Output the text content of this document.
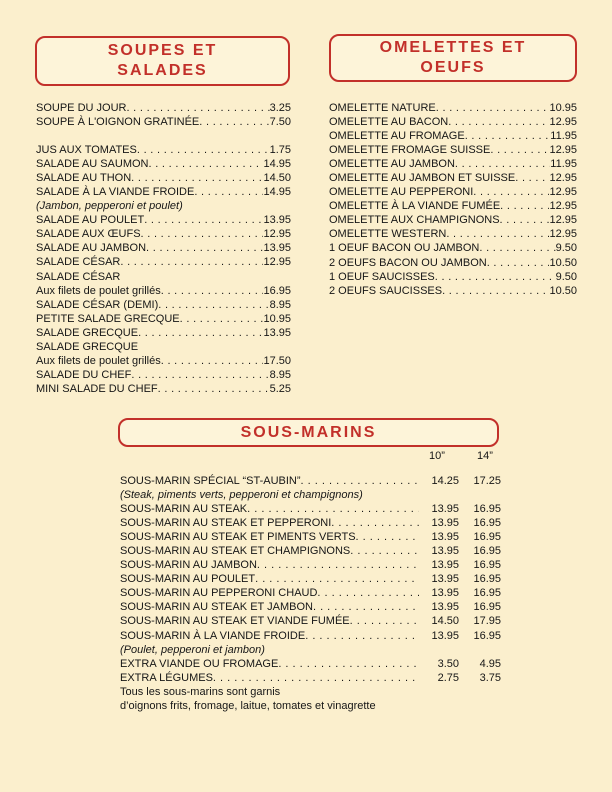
SOUPES ET
SALADES
OMELETTES ET
OEUFS
SOUPE DU JOUR . . .	3.25
SOUPE À L'OIGNON GRATINÉE . . .	7.50
JUS AUX TOMATES . . .	1.75
SALADE AU SAUMON . . .	14.95
SALADE AU THON . . .	14.50
SALADE À LA VIANDE FROIDE . . .	14.95
(Jambon, pepperoni et poulet)
SALADE AU POULET . . .	13.95
SALADE AUX ŒUFS . . .	12.95
SALADE AU JAMBON . . .	13.95
SALADE CÉSAR . . .	12.95
SALADE CÉSAR
Aux filets de poulet grillés . . .	16.95
SALADE CÉSAR (DEMI) . . .	8.95
PETITE SALADE GRECQUE . . .	10.95
SALADE GRECQUE . . .	13.95
SALADE GRECQUE
Aux filets de poulet grillés . . .	17.50
SALADE DU CHEF . . .	8.95
MINI SALADE DU CHEF . . .	5.25
OMELETTE NATURE . . .	10.95
OMELETTE AU BACON . . .	12.95
OMELETTE AU FROMAGE . . .	11.95
OMELETTE FROMAGE SUISSE . . .	12.95
OMELETTE AU JAMBON . . .	11.95
OMELETTE AU JAMBON ET SUISSE . . .	12.95
OMELETTE AU PEPPERONI . . .	12.95
OMELETTE À LA VIANDE FUMÉE . . .	12.95
OMELETTE AUX CHAMPIGNONS . . .	12.95
OMELETTE WESTERN . . .	12.95
1 OEUF BACON OU JAMBON . . .	9.50
2 OEUFS BACON OU JAMBON . . .	10.50
1 OEUF SAUCISSES . . .	9.50
2 OEUFS SAUCISSES . . .	10.50
SOUS-MARINS
10”	14”
SOUS-MARIN SPÉCIAL “ST-AUBIN” . . .	14.25	17.25
(Steak, piments verts, pepperoni et champignons)
SOUS-MARIN AU STEAK . . .	13.95	16.95
SOUS-MARIN AU STEAK ET PEPPERONI . . .	13.95	16.95
SOUS-MARIN AU STEAK ET PIMENTS VERTS . . .	13.95	16.95
SOUS-MARIN AU STEAK ET CHAMPIGNONS . . .	13.95	16.95
SOUS-MARIN AU JAMBON . . .	13.95	16.95
SOUS-MARIN AU POULET . . .	13.95	16.95
SOUS-MARIN AU PEPPERONI CHAUD . . .	13.95	16.95
SOUS-MARIN AU STEAK ET JAMBON . . .	13.95	16.95
SOUS-MARIN AU STEAK ET VIANDE FUMÉE . . .	14.50	17.95
SOUS-MARIN À LA VIANDE FROIDE . . .	13.95	16.95
(Poulet, pepperoni et jambon)
EXTRA VIANDE OU FROMAGE . . .	3.50	4.95
EXTRA LÉGUMES . . .	2.75	3.75
Tous les sous-marins sont garnis
d’oignons frits, fromage, laitue, tomates et vinagrette
